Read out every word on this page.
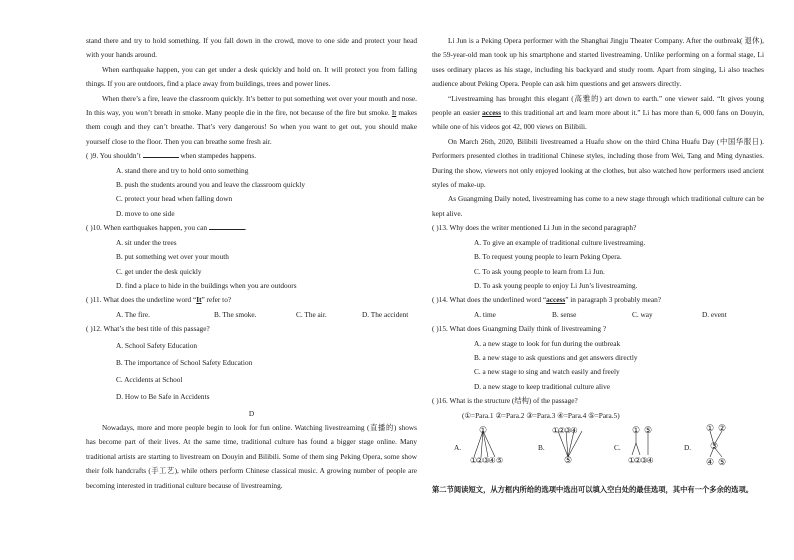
stand there and try to hold something. If you fall down in the crowd, move to one side and protect your head with your hands around.

When earthquake happen, you can get under a desk quickly and hold on. It will protect you from falling things. If you are outdoors, find a place away from buildings, trees and power lines.

When there’s a fire, leave the classroom quickly. It’s better to put something wet over your mouth and nose. In this way, you won’t breath in smoke. Many people die in the fire, not because of the fire but smoke. It makes them cough and they can’t breathe. That’s very dangerous! So when you want to get out, you should make yourself close to the floor. Then you can breathe some fresh air.

( )9. You shouldn’t	when stampedes happens.
A. stand there and try to hold onto something
B. push the students around you and leave the classroom quickly
C. protect your head when falling down
D. move to one side
( )10. When earthquakes happen, you can	.
A. sit under the trees
B. put something wet over your mouth
C. get under the desk quickly
D. find a place to hide in the buildings when you are outdoors
( )11. What does the underline word “It” refer to?
A. The fire.	B. The smoke.	C. The air.	D. The accident
( )12. What’s the best title of this passage?
A. School Safety Education
B. The importance of School Safety Education
C. Accidents at School
D. How to Be Safe in Accidents
D

Nowadays, more and more people begin to look for fun online. Watching livestreaming (直播的) shows has become part of their lives. At the same time, traditional culture has found a bigger stage online. Many traditional artists are starting to livestream on Douyin and Bilibili. Some of them sing Peking Opera, some show their folk handcrafts (手工艺), while others perform Chinese classical music. A growing number of people are becoming interested in traditional culture because of livestreaming.

Li Jun is a Peking Opera performer with the Shanghai Jingju Theater Company. After the outbreak( 退休), the 59-year-old man took up his smartphone and started livestreaming. Unlike performing on a formal stage, Li uses ordinary places as his stage, including his backyard and study room. Apart from singing, Li also teaches audience about Peking Opera. People can ask him questions and get answers directly.

“Livestreaming has brought this elegant (高雅的) art down to earth.” one viewer said. “It gives young people an easier access to this traditional art and learn more about it.” Li has more than 6, 000 fans on Douyin, while one of his videos got 42, 000 views on Bilibili.

On March 26th, 2020, Bilibili livestreamed a Huafu show on the third China Huafu Day (中国华服日). Performers presented clothes in traditional Chinese styles, including those from Wei, Tang and Ming dynasties. During the show, viewers not only enjoyed looking at the clothes, but also watched how performers used ancient styles of make-up.

As Guangming Daily noted, livestreaming has come to a new stage through which traditional culture can be kept alive.

( )13. Why does the writer mentioned Li Jun in the second paragraph?
A. To give an example of traditional culture livestreaming.
B. To request young people to learn Peking Opera.
C. To ask young people to learn from Li Jun.
D. To ask young people to enjoy Li Jun’s livestreaming.
( )14. What does the underlined word “access” in paragraph 3 probably mean?
A. time	B. sense	C. way	D. event
( )15. What does Guangming Daily think of livestreaming ?
A. a new stage to look for fun during the outbreak
B. a new stage to ask questions and get answers directly
C. a new stage to sing and watch easily and freely
D. a new stage to keep traditional culture alive
( )16. What is the structure (结构) of the passage?
(①=Para.1 ②=Para.2 ③=Para.3 ④=Para.4 ⑤=Para.5)
A.
①
①②③④ ⑤
B.
①②③④
⑤
C.
① ⑤
①②③④
D.
① ②
③
④ ⑤
第二节阅读短文，从方框内所给的选项中选出可以填入空白处的最佳选项，其中有一个多余的选项。
